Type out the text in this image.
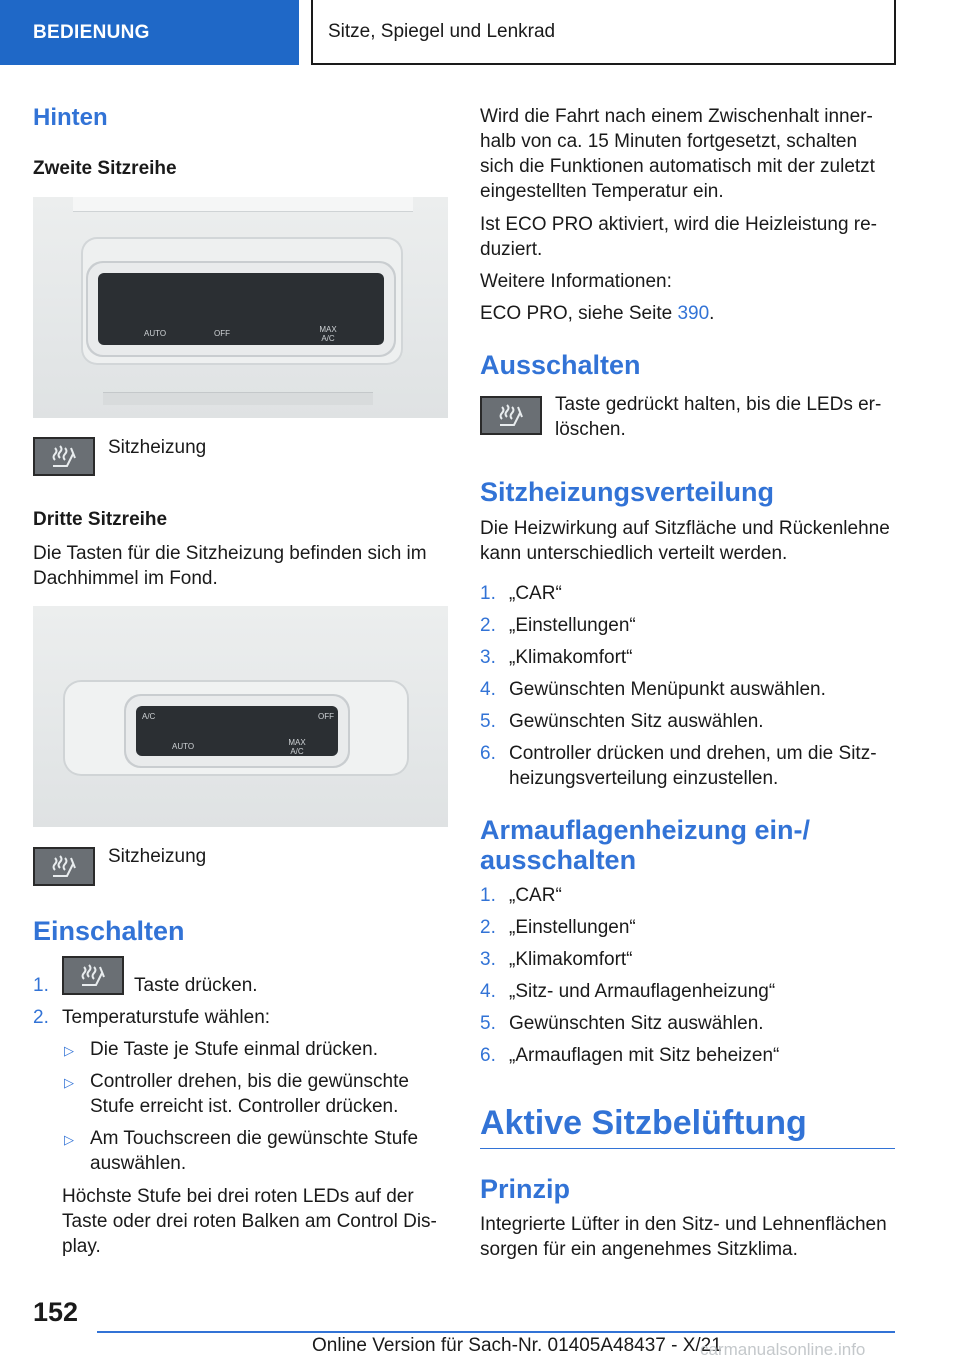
BEDIENUNG	Sitze, Spiegel und Lenkrad
Hinten
Zweite Sitzreihe
AUTO	OFF	MAX A/C
Sitzheizung
Dritte Sitzreihe
Die Tasten für die Sitzheizung befinden sich im
Dachhimmel im Fond.
A/C	OFF
AUTO	MAX A/C
Sitzheizung
Einschalten
1.	Taste drücken.
2. Temperaturstufe wählen:
▷ Die Taste je Stufe einmal drücken.
▷ Controller drehen, bis die gewünschte
Stufe erreicht ist. Controller drücken.
▷ Am Touchscreen die gewünschte Stufe
auswählen.
Höchste Stufe bei drei roten LEDs auf der
Taste oder drei roten Balken am Control Dis-
play.
Wird die Fahrt nach einem Zwischenhalt inner-
halb von ca. 15 Minuten fortgesetzt, schalten
sich die Funktionen automatisch mit der zuletzt
eingestellten Temperatur ein.
Ist ECO PRO aktiviert, wird die Heizleistung re-
duziert.
Weitere Informationen:
ECO PRO, siehe Seite 390.
Ausschalten
Taste gedrückt halten, bis die LEDs er-
löschen.
Sitzheizungsverteilung
Die Heizwirkung auf Sitzfläche und Rückenlehne
kann unterschiedlich verteilt werden.
1. „CAR“
2. „Einstellungen“
3. „Klimakomfort“
4. Gewünschten Menüpunkt auswählen.
5. Gewünschten Sitz auswählen.
6. Controller drücken und drehen, um die Sitz-
heizungsverteilung einzustellen.
Armauflagenheizung ein-/
ausschalten
1. „CAR“
2. „Einstellungen“
3. „Klimakomfort“
4. „Sitz- und Armauflagenheizung“
5. Gewünschten Sitz auswählen.
6. „Armauflagen mit Sitz beheizen“
Aktive Sitzbelüftung
Prinzip
Integrierte Lüfter in den Sitz- und Lehnenflächen
sorgen für ein angenehmes Sitzklima.
152
Online Version für Sach-Nr. 01405A48437 - X/21
carmanualsonline.info
